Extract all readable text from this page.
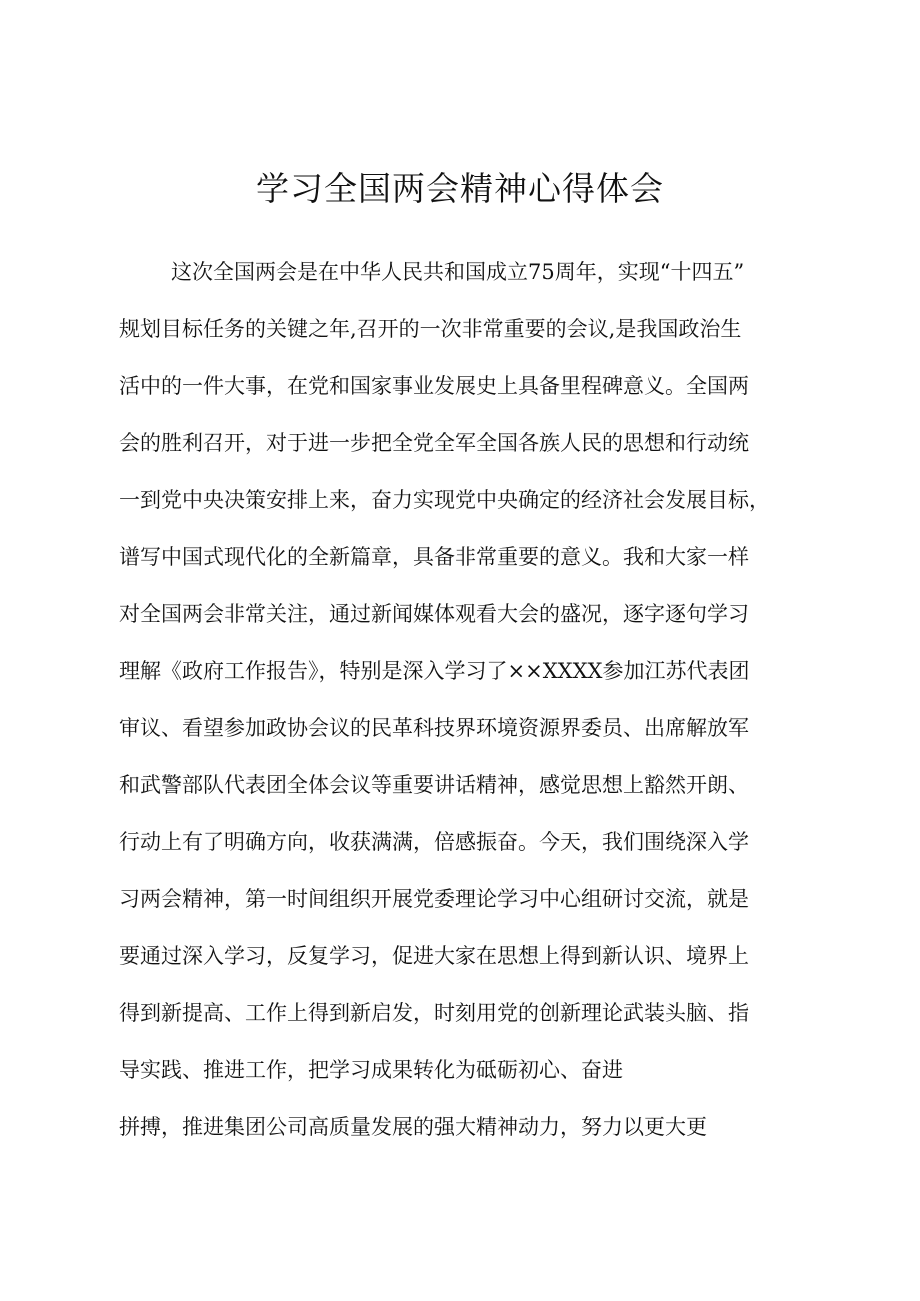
学习全国两会精神心得体会
这次全国两会是在中华人民共和国成立75周年，实现“十四五”
规划目标任务的关键之年,召开的一次非常重要的会议,是我国政治生
活中的一件大事，在党和国家事业发展史上具备里程碑意义。全国两
会的胜利召开，对于进一步把全党全军全国各族人民的思想和行动统
一到党中央决策安排上来，奋力实现党中央确定的经济社会发展目标，
谱写中国式现代化的全新篇章，具备非常重要的意义。我和大家一样
对全国两会非常关注，通过新闻媒体观看大会的盛况，逐字逐句学习
理解《政府工作报告》，特别是深入学习了××XXXX参加江苏代表团
审议、看望参加政协会议的民革科技界环境资源界委员、出席解放军
和武警部队代表团全体会议等重要讲话精神，感觉思想上豁然开朗、
行动上有了明确方向，收获满满，倍感振奋。今天，我们围绕深入学
习两会精神，第一时间组织开展党委理论学习中心组研讨交流，就是
要通过深入学习，反复学习，促进大家在思想上得到新认识、境界上
得到新提高、工作上得到新启发，时刻用党的创新理论武装头脑、指
导实践、推进工作，把学习成果转化为砥砺初心、奋进
拼搏，推进集团公司高质量发展的强大精神动力，努力以更大更
